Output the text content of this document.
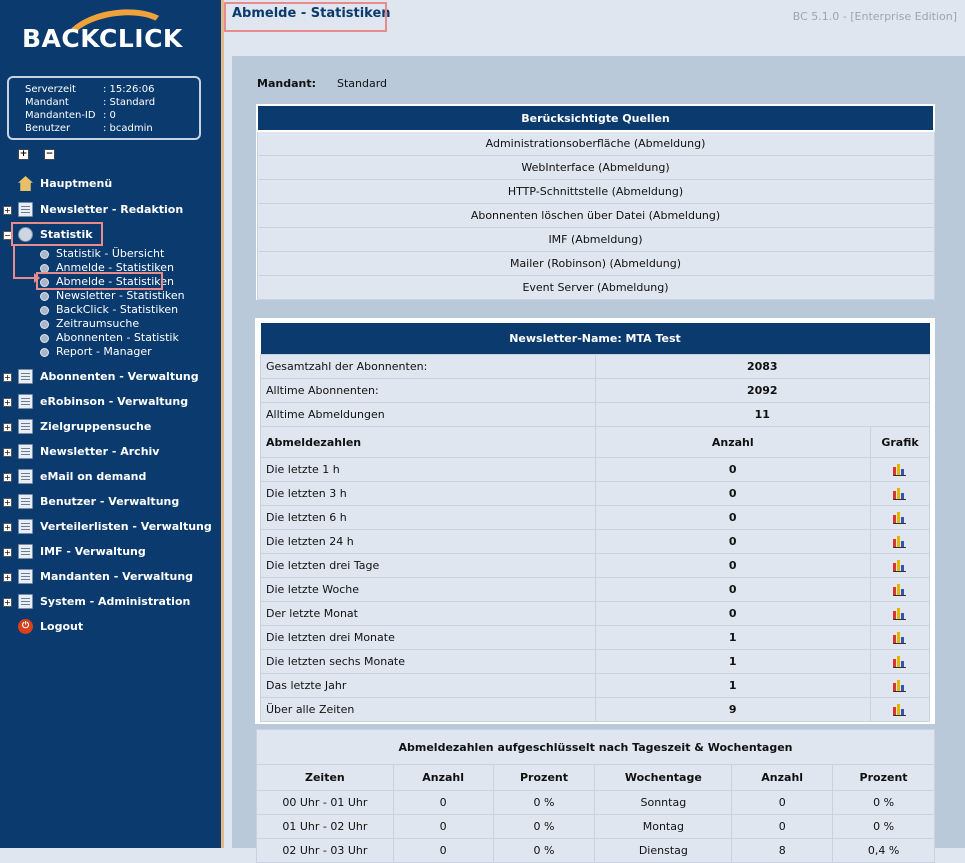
BACKCLICK
Serverzeit	: 15:26:06
Mandant	: Standard
Mandanten-ID : 0
Benutzer	: bcadmin
+ −
Hauptmenü
+	Newsletter - Redaktion
−	Statistik
Statistik - Übersicht
Anmelde - Statistiken
Abmelde - Statistiken
Newsletter - Statistiken
BackClick - Statistiken
Zeitraumsuche
Abonnenten - Statistik
Report - Manager
+	Abonnenten - Verwaltung
+	eRobinson - Verwaltung
+	Zielgruppensuche
+	Newsletter - Archiv
+	eMail on demand
+	Benutzer - Verwaltung
+	Verteilerlisten - Verwaltung
+	IMF - Verwaltung
+	Mandanten - Verwaltung
+	System - Administration
⏻ Logout
Abmelde - Statistiken	BC 5.1.0 - [Enterprise Edition]
Mandant: Standard
Berücksichtigte Quellen
Administrationsoberfläche (Abmeldung)
WebInterface (Abmeldung)
HTTP-Schnittstelle (Abmeldung)
Abonnenten löschen über Datei (Abmeldung)
IMF (Abmeldung)
Mailer (Robinson) (Abmeldung)
Event Server (Abmeldung)
Newsletter-Name: MTA Test		
Gesamtzahl der Abonnenten:	2083	
Alltime Abonnenten:	2092	
Alltime Abmeldungen	11	
Abmeldezahlen	Anzahl	Grafik
Die letzte 1 h	0	

Die letzten 3 h	0	

Die letzten 6 h	0	

Die letzten 24 h	0	

Die letzten drei Tage	0	

Die letzte Woche	0	

Der letzte Monat	0	

Die letzten drei Monate	1	

Die letzten sechs Monate	1	

Das letzte Jahr	1	

Über alle Zeiten	9	
Abmeldezahlen aufgeschlüsselt nach Tageszeit & Wochentagen					
Zeiten	Anzahl	Prozent	Wochentage	Anzahl	Prozent
00 Uhr - 01 Uhr	0	0 %	Sonntag	0	0 %
01 Uhr - 02 Uhr	0	0 %	Montag	0	0 %
02 Uhr - 03 Uhr	0	0 %	Dienstag	8	0,4 %
